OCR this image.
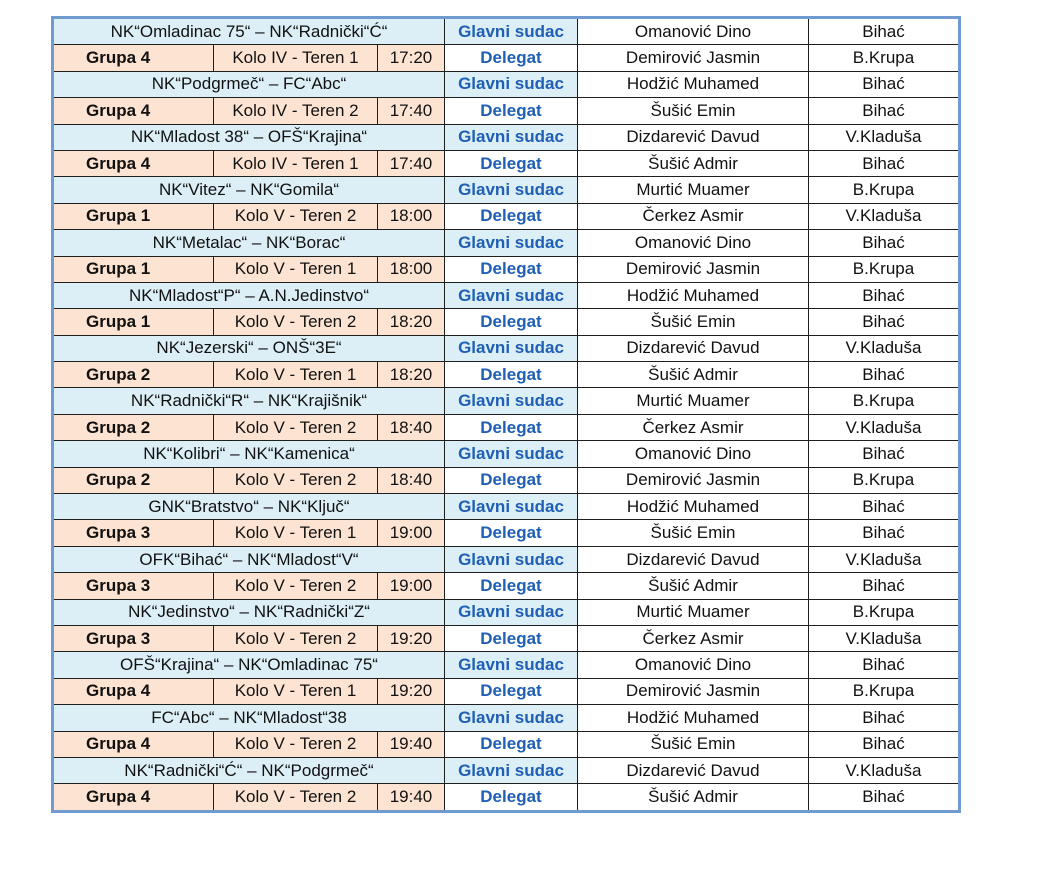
NK“Omladinac 75“ – NK“Radnički“Ć“			Glavni sudac	Omanović Dino	Bihać
Grupa 4	Kolo IV - Teren 1	17:20	Delegat	Demirović Jasmin	B.Krupa
NK“Podgrmeč“ – FC“Abc“			Glavni sudac	Hodžić Muhamed	Bihać
Grupa 4	Kolo IV - Teren 2	17:40	Delegat	Šušić Emin	Bihać
NK“Mladost 38“ – OFŠ“Krajina“			Glavni sudac	Dizdarević Davud	V.Kladuša
Grupa 4	Kolo IV - Teren 1	17:40	Delegat	Šušić Admir	Bihać
NK“Vitez“ – NK“Gomila“			Glavni sudac	Murtić Muamer	B.Krupa
Grupa 1	Kolo V - Teren 2	18:00	Delegat	Čerkez Asmir	V.Kladuša
NK“Metalac“ – NK“Borac“			Glavni sudac	Omanović Dino	Bihać
Grupa 1	Kolo V - Teren 1	18:00	Delegat	Demirović Jasmin	B.Krupa
NK“Mladost“P“ – A.N.Jedinstvo“			Glavni sudac	Hodžić Muhamed	Bihać
Grupa 1	Kolo V - Teren 2	18:20	Delegat	Šušić Emin	Bihać
NK“Jezerski“ – ONŠ“3E“			Glavni sudac	Dizdarević Davud	V.Kladuša
Grupa 2	Kolo V - Teren 1	18:20	Delegat	Šušić Admir	Bihać
NK“Radnički“R“ – NK“Krajišnik“			Glavni sudac	Murtić Muamer	B.Krupa
Grupa 2	Kolo V - Teren 2	18:40	Delegat	Čerkez Asmir	V.Kladuša
NK“Kolibri“ – NK“Kamenica“			Glavni sudac	Omanović Dino	Bihać
Grupa 2	Kolo V - Teren 2	18:40	Delegat	Demirović Jasmin	B.Krupa
GNK“Bratstvo“ – NK“Ključ“			Glavni sudac	Hodžić Muhamed	Bihać
Grupa 3	Kolo V - Teren 1	19:00	Delegat	Šušić Emin	Bihać
OFK“Bihać“ – NK“Mladost“V“			Glavni sudac	Dizdarević Davud	V.Kladuša
Grupa 3	Kolo V - Teren 2	19:00	Delegat	Šušić Admir	Bihać
NK“Jedinstvo“ – NK“Radnički“Z“			Glavni sudac	Murtić Muamer	B.Krupa
Grupa 3	Kolo V - Teren 2	19:20	Delegat	Čerkez Asmir	V.Kladuša
OFŠ“Krajina“ – NK“Omladinac 75“			Glavni sudac	Omanović Dino	Bihać
Grupa 4	Kolo V - Teren 1	19:20	Delegat	Demirović Jasmin	B.Krupa
FC“Abc“ – NK“Mladost“38			Glavni sudac	Hodžić Muhamed	Bihać
Grupa 4	Kolo V - Teren 2	19:40	Delegat	Šušić Emin	Bihać
NK“Radnički“Ć“ – NK“Podgrmeč“			Glavni sudac	Dizdarević Davud	V.Kladuša
Grupa 4	Kolo V - Teren 2	19:40	Delegat	Šušić Admir	Bihać
